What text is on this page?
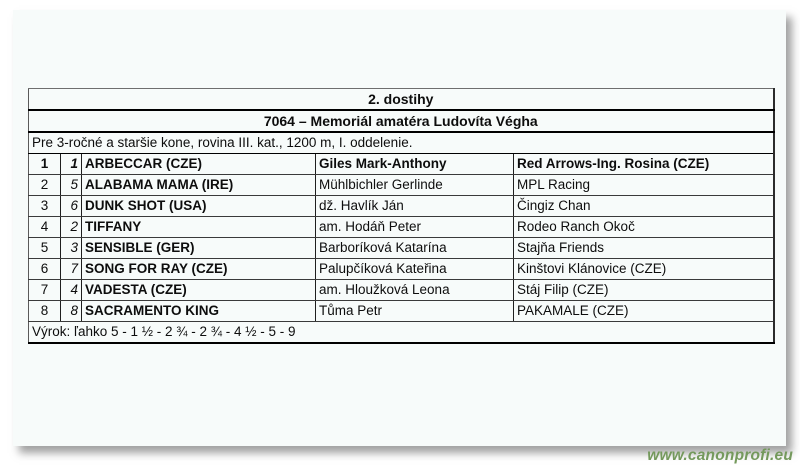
2. dostihy				
7064 – Memoriál amatéra Ludovíta Végha				
Pre 3-ročné a staršie kone, rovina III. kat., 1200 m, I. oddelenie.				
1	1	ARBECCAR (CZE)	Giles Mark-Anthony	Red Arrows-Ing. Rosina (CZE)
2	5	ALABAMA MAMA (IRE)	Mühlbichler Gerlinde	MPL Racing
3	6	DUNK SHOT (USA)	dž. Havlík Ján	Čingiz Chan
4	2	TIFFANY	am. Hodáň Peter	Rodeo Ranch Okoč
5	3	SENSIBLE (GER)	Barboríková Katarína	Stajňa Friends
6	7	SONG FOR RAY (CZE)	Palupčíková Kateřina	Kinštovi Klánovice (CZE)
7	4	VADESTA (CZE)	am. Hloužková Leona	Stáj Filip (CZE)
8	8	SACRAMENTO KING	Tůma Petr	PAKAMALE (CZE)
Výrok: ľahko 5 - 1 ½ - 2 ¾ - 2 ¾ - 4 ½ - 5 - 9				
www.canonprofi.eu
